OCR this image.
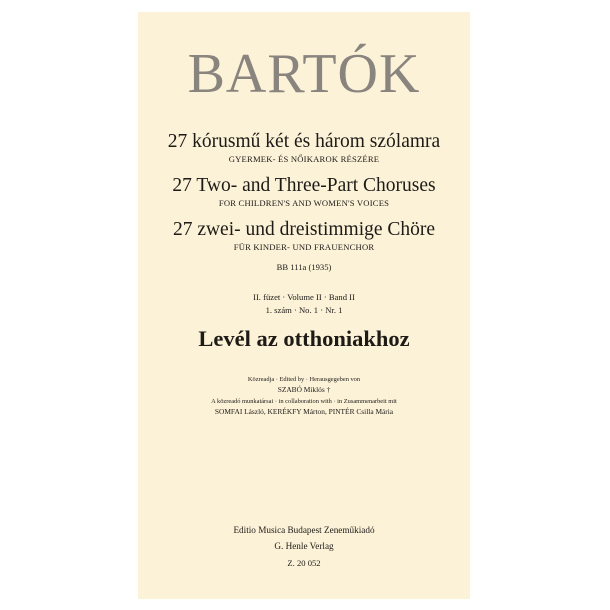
BARTÓK
27 kórusmű két és három szólamra
GYERMEK- ÉS NŐIKAROK RÉSZÉRE
27 Two- and Three-Part Choruses
FOR CHILDREN'S AND WOMEN'S VOICES
27 zwei- und dreistimmige Chöre
FÜR KINDER- UND FRAUENCHOR
BB 111a (1935)
II. füzet · Volume II · Band II
1. szám · No. 1 · Nr. 1
Levél az otthoniakhoz
Közreadja · Edited by · Herausgegeben von
SZABÓ Miklós †
A közreadó munkatársai · in collaboration with · in Zusammenarbeit mit
SOMFAI László, KERÉKFY Márton, PINTÉR Csilla Mária
Editio Musica Budapest Zeneműkiadó
G. Henle Verlag
Z. 20 052
